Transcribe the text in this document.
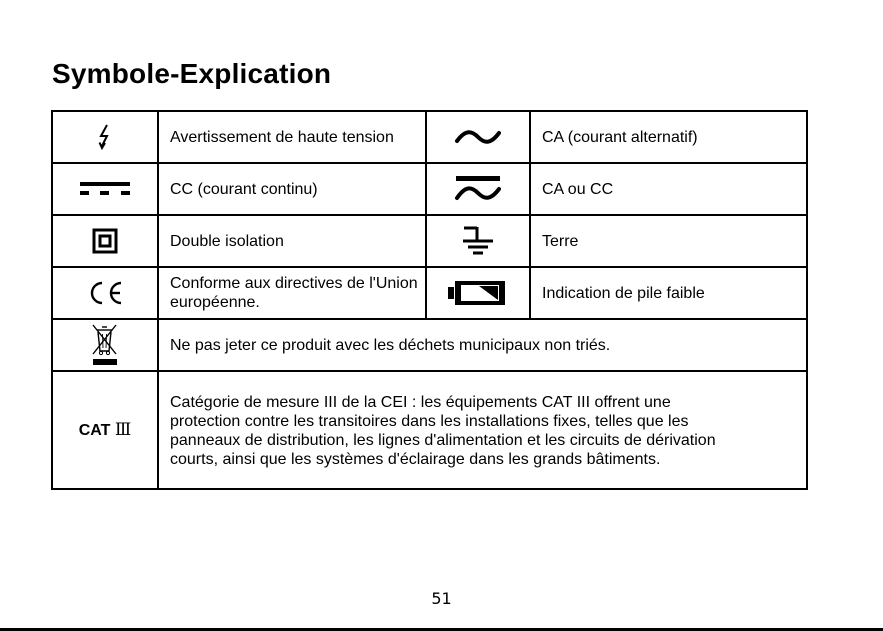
Symbole-Explication
	Avertissement de haute tension		CA (courant alternatif)
	CC (courant continu)		CA ou CC
	Double isolation		Terre
	Conforme aux directives de l'Union européenne.		Indication de pile faible
	Ne pas jeter ce produit avec les déchets municipaux non triés.		
CAT Ⅲ	Catégorie de mesure III de la CEI : les équipements CAT III offrent une
protection contre les transitoires dans les installations fixes, telles que les
panneaux de distribution, les lignes d'alimentation et les circuits de dérivation
courts, ainsi que les systèmes d'éclairage dans les grands bâtiments.		
51
